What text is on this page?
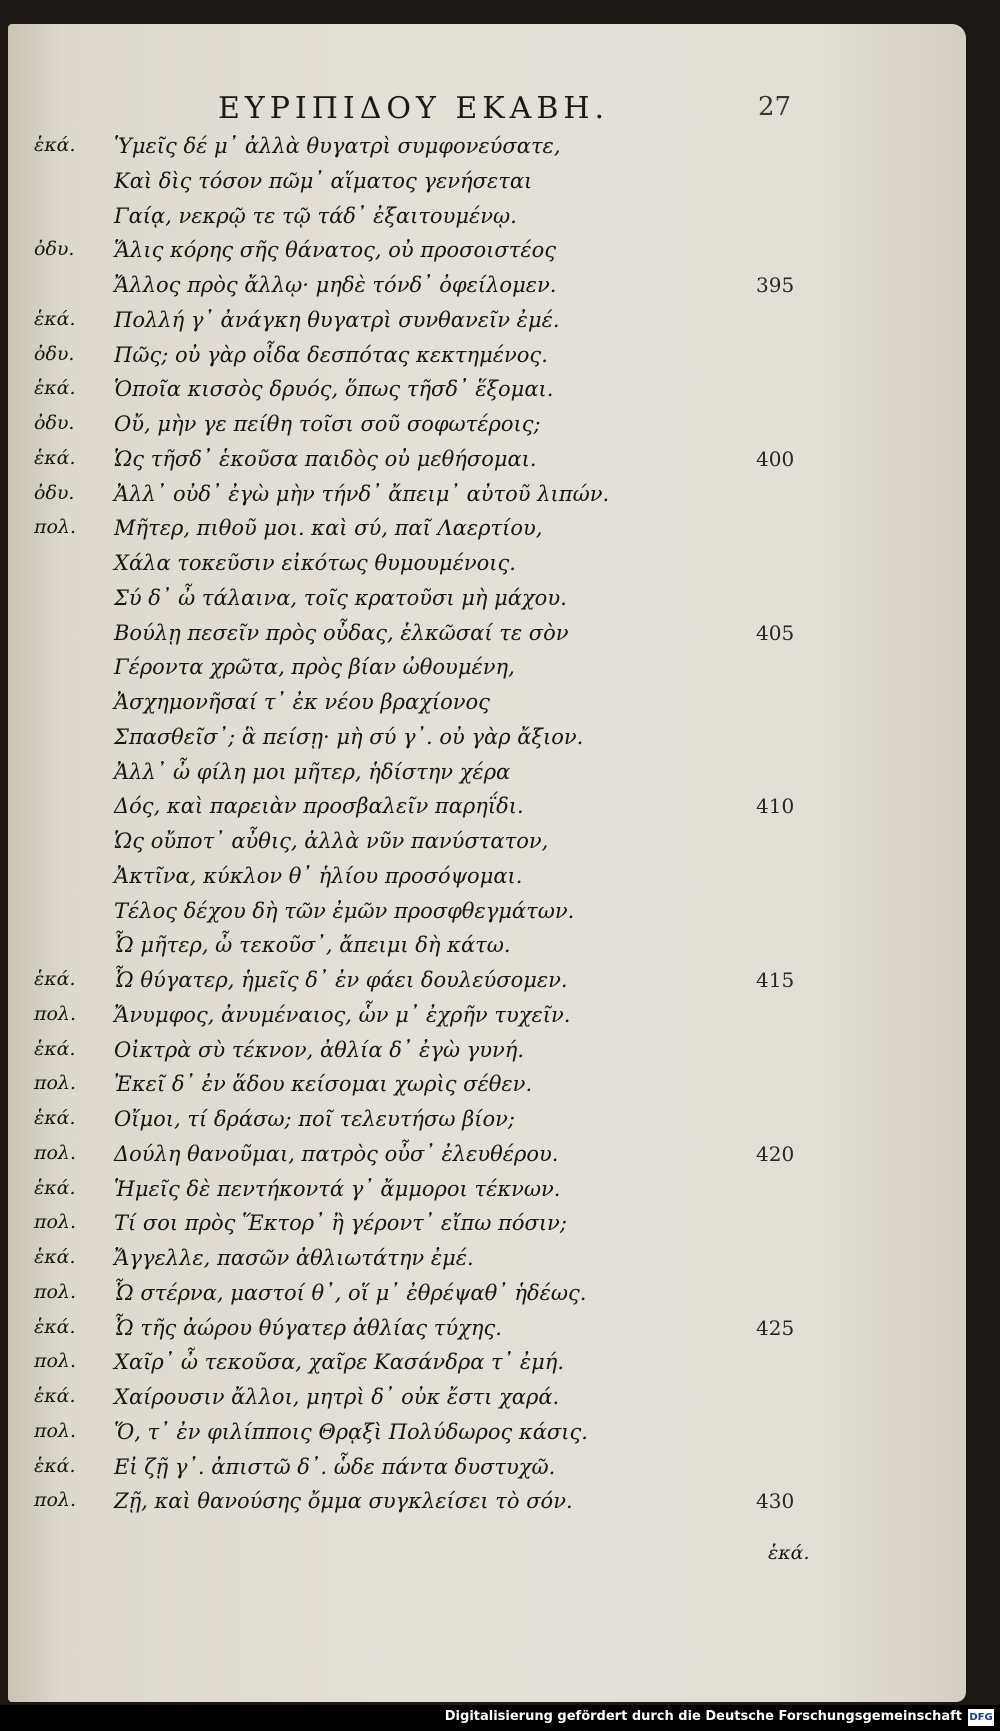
ΕΥΡΙΠΙΔΟΥ ΕΚΑΒΗ.	27
ἑκά.	Ὑμεῖς δέ μ᾽ ἀλλὰ θυγατρὶ συμφονεύσατε,
Καὶ δὶς τόσον πῶμ᾽ αἵματος γενήσεται
Γαίᾳ, νεκρῷ τε τῷ τάδ᾽ ἐξαιτουμένῳ.
ὀδυ.	Ἅλις κόρης σῆς θάνατος, οὐ προσοιστέος
Ἄλλος πρὸς ἄλλῳ· μηδὲ τόνδ᾽ ὀφείλομεν.	395
ἑκά.	Πολλή γ᾽ ἀνάγκη θυγατρὶ συνθανεῖν ἐμέ.
ὀδυ.	Πῶς; οὐ γὰρ οἶδα δεσπότας κεκτημένος.
ἑκά.	Ὁποῖα κισσὸς δρυός, ὅπως τῆσδ᾽ ἕξομαι.
ὀδυ.	Οὔ, μὴν γε πείθη τοῖσι σοῦ σοφωτέροις;
ἑκά.	Ὡς τῆσδ᾽ ἑκοῦσα παιδὸς οὐ μεθήσομαι.	400
ὀδυ.	Ἀλλ᾽ οὐδ᾽ ἐγὼ μὴν τήνδ᾽ ἄπειμ᾽ αὐτοῦ λιπών.
πολ.	Μῆτερ, πιθοῦ μοι. καὶ σύ, παῖ Λαερτίου,
Χάλα τοκεῦσιν εἰκότως θυμουμένοις.
Σύ δ᾽ ὦ τάλαινα, τοῖς κρατοῦσι μὴ μάχου.
Βούλῃ πεσεῖν πρὸς οὖδας, ἑλκῶσαί τε σὸν	405
Γέροντα χρῶτα, πρὸς βίαν ὠθουμένη,
Ἀσχημονῆσαί τ᾽ ἐκ νέου βραχίονος
Σπασθεῖσ᾽; ἃ πείσῃ· μὴ σύ γ᾽. οὐ γὰρ ἄξιον.
Ἀλλ᾽ ὦ φίλη μοι μῆτερ, ἡδίστην χέρα
Δός, καὶ παρειὰν προσβαλεῖν παρηΐδι.	410
Ὡς οὔποτ᾽ αὖθις, ἀλλὰ νῦν πανύστατον,
Ἀκτῖνα, κύκλον θ᾽ ἡλίου προσόψομαι.
Τέλος δέχου δὴ τῶν ἐμῶν προσφθεγμάτων.
Ὦ μῆτερ, ὦ τεκοῦσ᾽, ἄπειμι δὴ κάτω.
ἑκά.	Ὦ θύγατερ, ἡμεῖς δ᾽ ἐν φάει δουλεύσομεν.	415
πολ.	Ἄνυμφος, ἀνυμέναιος, ὧν μ᾽ ἐχρῆν τυχεῖν.
ἑκά.	Οἰκτρὰ σὺ τέκνον, ἀθλία δ᾽ ἐγὼ γυνή.
πολ.	Ἐκεῖ δ᾽ ἐν ἅδου κείσομαι χωρὶς σέθεν.
ἑκά.	Οἴμοι, τί δράσω; ποῖ τελευτήσω βίον;
πολ.	Δούλη θανοῦμαι, πατρὸς οὖσ᾽ ἐλευθέρου.	420
ἑκά.	Ἡμεῖς δὲ πεντήκοντά γ᾽ ἄμμοροι τέκνων.
πολ.	Τί σοι πρὸς Ἕκτορ᾽ ἢ γέροντ᾽ εἴπω πόσιν;
ἑκά.	Ἄγγελλε, πασῶν ἀθλιωτάτην ἐμέ.
πολ.	Ὦ στέρνα, μαστοί θ᾽, οἵ μ᾽ ἐθρέψαθ᾽ ἡδέως.
ἑκά.	Ὦ τῆς ἀώρου θύγατερ ἀθλίας τύχης.	425
πολ.	Χαῖρ᾽ ὦ τεκοῦσα, χαῖρε Κασάνδρα τ᾽ ἐμή.
ἑκά.	Χαίρουσιν ἄλλοι, μητρὶ δ᾽ οὐκ ἔστι χαρά.
πολ.	Ὅ, τ᾽ ἐν φιλίπποις Θρᾳξὶ Πολύδωρος κάσις.
ἑκά.	Εἰ ζῇ γ᾽. ἀπιστῶ δ᾽. ὧδε πάντα δυστυχῶ.
πολ.	Ζῇ, καὶ θανούσης ὄμμα συγκλείσει τὸ σόν.	430
ἑκά.
Digitalisierung gefördert durch die Deutsche Forschungsgemeinschaft DFG
